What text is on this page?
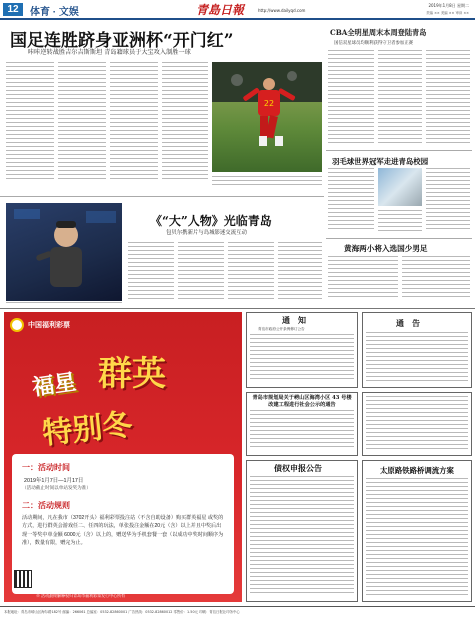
12	体育 · 文娱	青島日報	http://www.dailyqd.com
2019年1月8日 星期二
责编 ×× 美编 ×× 审读 ××
国足连胜跻身亚洲杯“开门红”
咔咔逆转战胜吉尔吉斯斯坦 青岛籍球员于大宝攻入制胜一球
22
CBA全明星周末本周登陆青岛
国信双星球员均顺利获得守卫者参加正赛
羽毛球世界冠军走进青岛校园
黄海两小将入选国少男足
《“大”人物》光临青岛
包贝尔携新片与岛城影迷交流互动
中国福利彩票
群英
福星
特别冬
一：活动时间
2019年1月7日—1月17日
（活动截止时间以单站发奖为准）
二：活动规则
活动期间，凡在我市（3702开头）福利彩票投注站（不含自助设备）购买群英福星 或奖的方式，进行群英会游戏任二、任四的玩法，单张投注金额在20元（含）以上并且中奖后出现一等奖中单金额 6000元（含）以上的，赠送华为手机套餐一套（以成功中奖时间顺序为准），数量有限，赠完为止。
※ 活动最终解释权归青岛市福利彩票发行中心所有
通　知
青岛市政府公开条例修订公告
通　告
青岛市规划局关于崂山区海湾小区 43 号楼改建工程进行社会公示的通告
债权申报公告	太原路铁路桥调流方案
本报地址：青岛市崂山区海尔路182号 邮编：266061 总编室：0532-82860001 广告热线：0532-82860012 零售价：1.50元 印刷：青岛日报社印务中心
